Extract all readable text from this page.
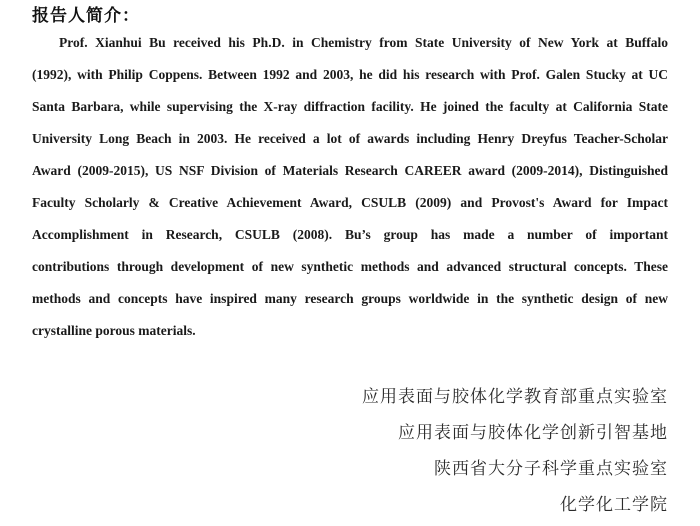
报告人简介：
Prof. Xianhui Bu received his Ph.D. in Chemistry from State University of New York at Buffalo
(1992), with Philip Coppens. Between 1992 and 2003, he did his research with Prof. Galen Stucky at UC
Santa Barbara, while supervising the X-ray diffraction facility. He joined the faculty at California State
University Long Beach in 2003. He received a lot of awards including Henry Dreyfus Teacher-Scholar
Award (2009-2015), US NSF Division of Materials Research CAREER award (2009-2014), Distinguished
Faculty Scholarly & Creative Achievement Award, CSULB (2009) and Provost's Award for Impact
Accomplishment in Research, CSULB (2008). Bu’s group has made a number of important
contributions through development of new synthetic methods and advanced structural concepts. These
methods and concepts have inspired many research groups worldwide in the synthetic design of new
crystalline porous materials.
应用表面与胶体化学教育部重点实验室
应用表面与胶体化学创新引智基地
陕西省大分子科学重点实验室
化学化工学院
